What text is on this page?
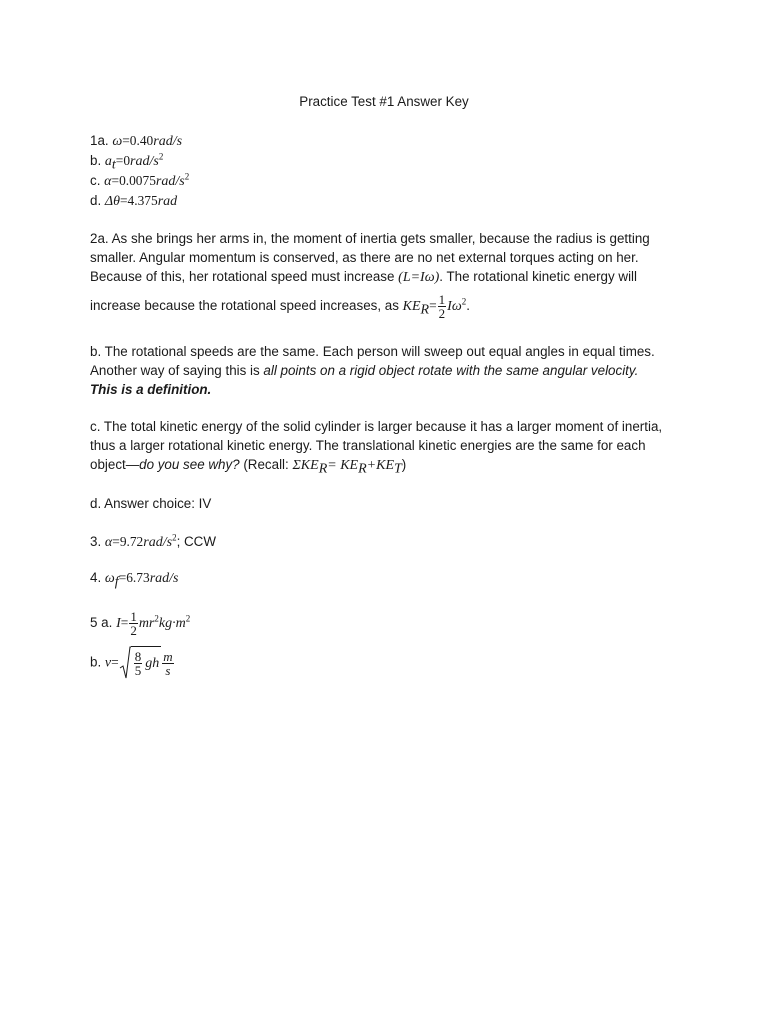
Practice Test #1 Answer Key
1a. ω=0.40rad/s
b. $a_t=0rad/s^2$
c. $\alpha=0.0075rad/s^2$
d. Δθ=4.375rad
2a. As she brings her arms in, the moment of inertia gets smaller, because the radius is getting smaller. Angular momentum is conserved, as there are no net external torques acting on her. Because of this, her rotational speed must increase (L=Iω). The rotational kinetic energy will
increase because the rotational speed increases, as $KE_R= \frac{1}{2} I\omega^2$.
b. The rotational speeds are the same. Each person will sweep out equal angles in equal times. Another way of saying this is all points on a rigid object rotate with the same angular velocity.
This is a definition.
c. The total kinetic energy of the solid cylinder is larger because it has a larger moment of inertia, thus a larger rotational kinetic energy. The translational kinetic energies are the same for each object—do you see why? (Recall: $\Sigma KE_R= KE_R+KE_T$)
d. Answer choice: IV
3. $\alpha=9.72rad/s^2$; CCW
4. $\omega_f=6.73rad/s$
5 a. $I= \frac{1}{2} mr^2kg\cdot m^2$
b. $v= \frac{8}{5}$ gh $\frac{m}{s}$
